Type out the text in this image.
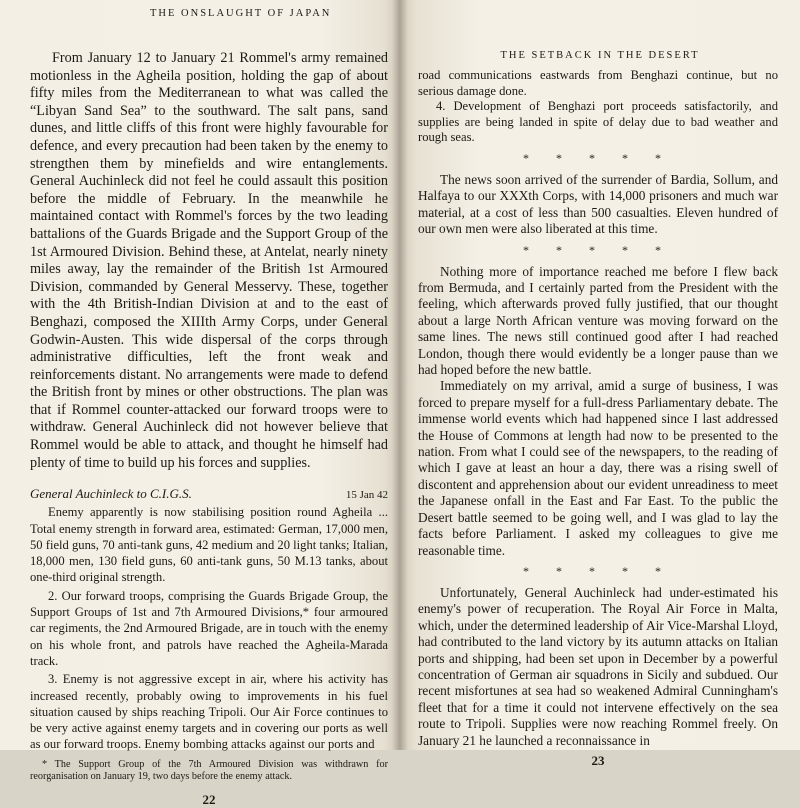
THE ONSLAUGHT OF JAPAN

From January 12 to January 21 Rommel's army remained motionless in the Agheila position, holding the gap of about fifty miles from the Mediterranean to what was called the “Libyan Sand Sea” to the southward. The salt pans, sand dunes, and little cliffs of this front were highly favourable for defence, and every precaution had been taken by the enemy to strengthen them by minefields and wire entanglements. General Auchinleck did not feel he could assault this position before the middle of February. In the meanwhile he maintained contact with Rommel's forces by the two leading battalions of the Guards Brigade and the Support Group of the 1st Armoured Division. Behind these, at Antelat, nearly ninety miles away, lay the remainder of the British 1st Armoured Division, commanded by General Messervy. These, together with the 4th British-Indian Division at and to the east of Benghazi, composed the XIIIth Army Corps, under General Godwin-Austen. This wide dispersal of the corps through administrative difficulties, left the front weak and reinforcements distant. No arrangements were made to defend the British front by mines or other obstructions. The plan was that if Rommel counter-attacked our forward troops were to withdraw. General Auchinleck did not however believe that Rommel would be able to attack, and thought he himself had plenty of time to build up his forces and supplies.

General Auchinleck to C.I.G.S.	15 Jan 42

Enemy apparently is now stabilising position round Agheila ... Total enemy strength in forward area, estimated: German, 17,000 men, 50 field guns, 70 anti-tank guns, 42 medium and 20 light tanks; Italian, 18,000 men, 130 field guns, 60 anti-tank guns, 50 M.13 tanks, about one-third original strength.

2. Our forward troops, comprising the Guards Brigade Group, the Support Groups of 1st and 7th Armoured Divisions,* four armoured car regiments, the 2nd Armoured Brigade, are in touch with the enemy on his whole front, and patrols have reached the Agheila-Marada track.

3. Enemy is not aggressive except in air, where his activity has increased recently, probably owing to improvements in his fuel situation caused by ships reaching Tripoli. Our Air Force continues to be very active against enemy targets and in covering our ports as well as our forward troops. Enemy bombing attacks against our ports and

* The Support Group of the 7th Armoured Division was withdrawn for reorganisation on January 19, two days before the enemy attack.

22
THE SETBACK IN THE DESERT

road communications eastwards from Benghazi continue, but no serious damage done.

4. Development of Benghazi port proceeds satisfactorily, and supplies are being landed in spite of delay due to bad weather and rough seas.

* * * * *

The news soon arrived of the surrender of Bardia, Sollum, and Halfaya to our XXXth Corps, with 14,000 prisoners and much war material, at a cost of less than 500 casualties. Eleven hundred of our own men were also liberated at this time.

* * * * *

Nothing more of importance reached me before I flew back from Bermuda, and I certainly parted from the President with the feeling, which afterwards proved fully justified, that our thought about a large North African venture was moving forward on the same lines. The news still continued good after I had reached London, though there would evidently be a longer pause than we had hoped before the new battle.

Immediately on my arrival, amid a surge of business, I was forced to prepare myself for a full-dress Parliamentary debate. The immense world events which had happened since I last addressed the House of Commons at length had now to be presented to the nation. From what I could see of the newspapers, to the reading of which I gave at least an hour a day, there was a rising swell of discontent and apprehension about our evident unreadiness to meet the Japanese onfall in the East and Far East. To the public the Desert battle seemed to be going well, and I was glad to lay the facts before Parliament. I asked my colleagues to give me reasonable time.

* * * * *

Unfortunately, General Auchinleck had under-estimated his enemy's power of recuperation. The Royal Air Force in Malta, which, under the determined leadership of Air Vice-Marshal Lloyd, had contributed to the land victory by its autumn attacks on Italian ports and shipping, had been set upon in December by a powerful concentration of German air squadrons in Sicily and subdued. Our recent misfortunes at sea had so weakened Admiral Cunningham's fleet that for a time it could not intervene effectively on the sea route to Tripoli. Supplies were now reaching Rommel freely. On January 21 he launched a reconnaissance in

23
